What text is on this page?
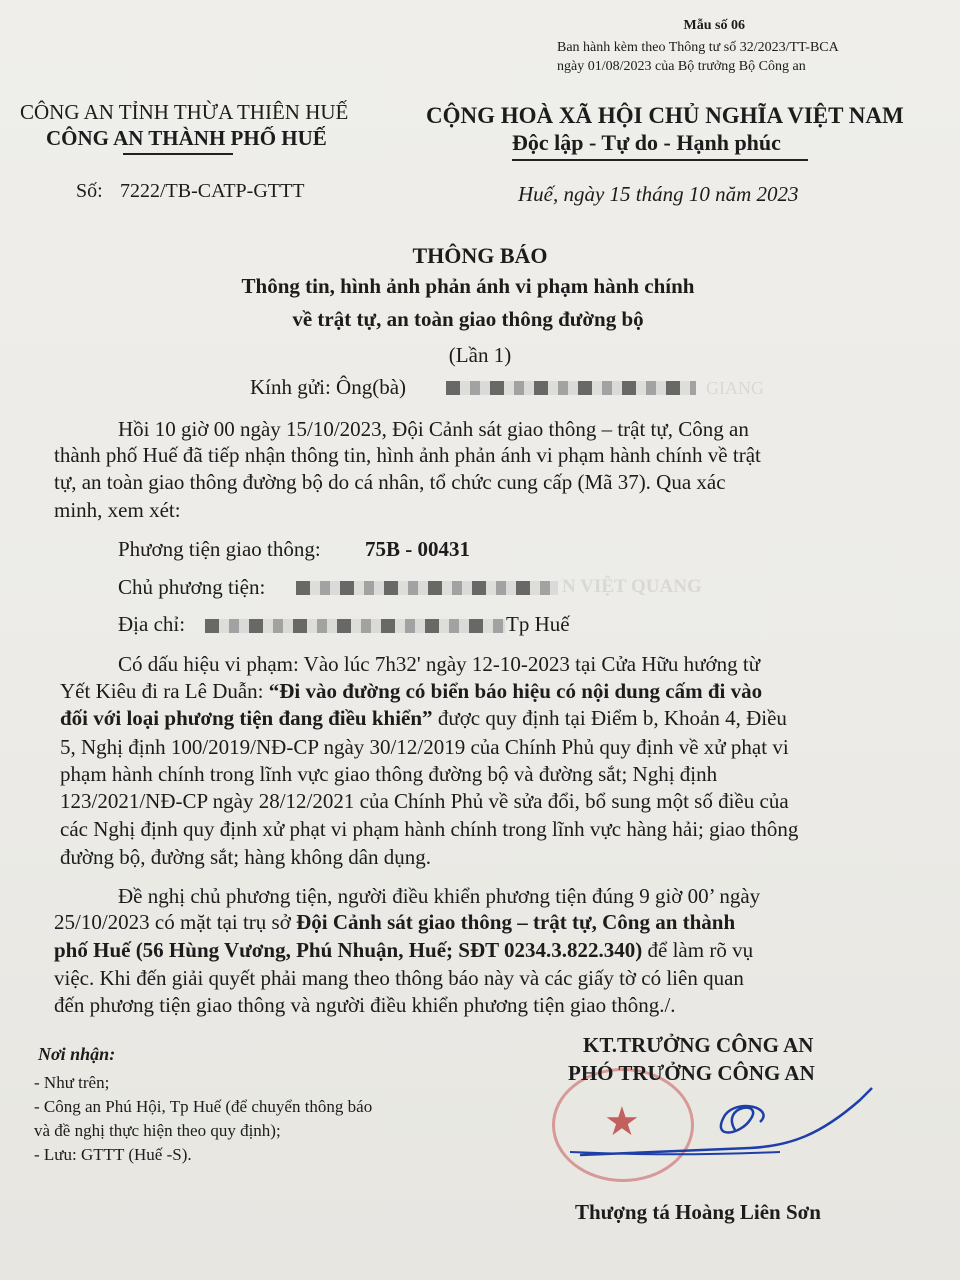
Mẫu số 06
Ban hành kèm theo Thông tư số 32/2023/TT-BCA
ngày 01/08/2023 của Bộ trưởng Bộ Công an
CÔNG AN TỈNH THỪA THIÊN HUẾ
CÔNG AN THÀNH PHỐ HUẾ
CỘNG HOÀ XÃ HỘI CHỦ NGHĨA VIỆT NAM
Độc lập - Tự do - Hạnh phúc
Số: 7222/TB-CATP-GTTT	Huế, ngày 15 tháng 10 năm 2023
THÔNG BÁO
Thông tin, hình ảnh phản ánh vi phạm hành chính
về trật tự, an toàn giao thông đường bộ
(Lần 1)
Kính gửi: Ông(bà)	GIANG
Hồi 10 giờ 00 ngày 15/10/2023, Đội Cảnh sát giao thông – trật tự, Công an
thành phố Huế đã tiếp nhận thông tin, hình ảnh phản ánh vi phạm hành chính về trật
tự, an toàn giao thông đường bộ do cá nhân, tổ chức cung cấp (Mã 37). Qua xác
minh, xem xét:
Phương tiện giao thông: 75B - 00431
Chủ phương tiện:	N VIỆT QUANG
Địa chỉ:	Tp Huế
Có dấu hiệu vi phạm: Vào lúc 7h32' ngày 12-10-2023 tại Cửa Hữu hướng từ
Yết Kiêu đi ra Lê Duẫn: “Đi vào đường có biển báo hiệu có nội dung cấm đi vào
đối với loại phương tiện đang điều khiển” được quy định tại Điểm b, Khoản 4, Điều
5, Nghị định 100/2019/NĐ-CP ngày 30/12/2019 của Chính Phủ quy định về xử phạt vi
phạm hành chính trong lĩnh vực giao thông đường bộ và đường sắt; Nghị định
123/2021/NĐ-CP ngày 28/12/2021 của Chính Phủ về sửa đổi, bổ sung một số điều của
các Nghị định quy định xử phạt vi phạm hành chính trong lĩnh vực hàng hải; giao thông
đường bộ, đường sắt; hàng không dân dụng.
Đề nghị chủ phương tiện, người điều khiển phương tiện đúng 9 giờ 00’ ngày
25/10/2023 có mặt tại trụ sở Đội Cảnh sát giao thông – trật tự, Công an thành
phố Huế (56 Hùng Vương, Phú Nhuận, Huế; SĐT 0234.3.822.340) để làm rõ vụ
việc. Khi đến giải quyết phải mang theo thông báo này và các giấy tờ có liên quan
đến phương tiện giao thông và người điều khiển phương tiện giao thông./.
Nơi nhận:
- Như trên;
- Công an Phú Hội, Tp Huế (để chuyển thông báo
và đề nghị thực hiện theo quy định);
- Lưu: GTTT (Huế -S).
★
KT.TRƯỞNG CÔNG AN
PHÓ TRƯỞNG CÔNG AN
Thượng tá Hoàng Liên Sơn
